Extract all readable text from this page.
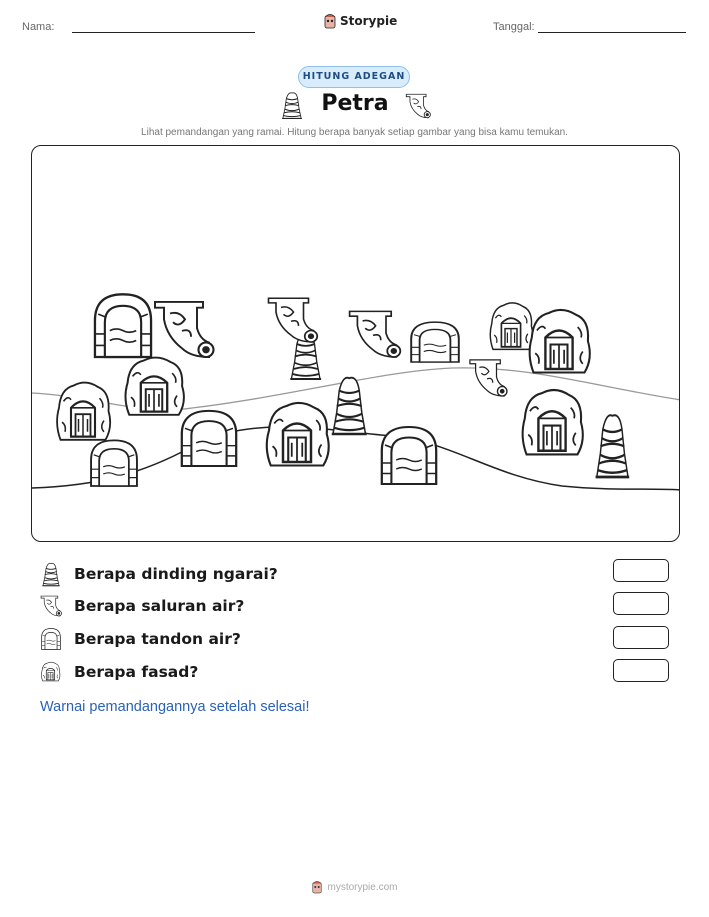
Nama:	Storypie	Tanggal:
HITUNG ADEGAN
Petra
Lihat pemandangan yang ramai. Hitung berapa banyak setiap gambar yang bisa kamu temukan.
Berapa dinding ngarai?
Berapa saluran air?
Berapa tandon air?
Berapa fasad?
Warnai pemandangannya setelah selesai!
mystorypie.com
